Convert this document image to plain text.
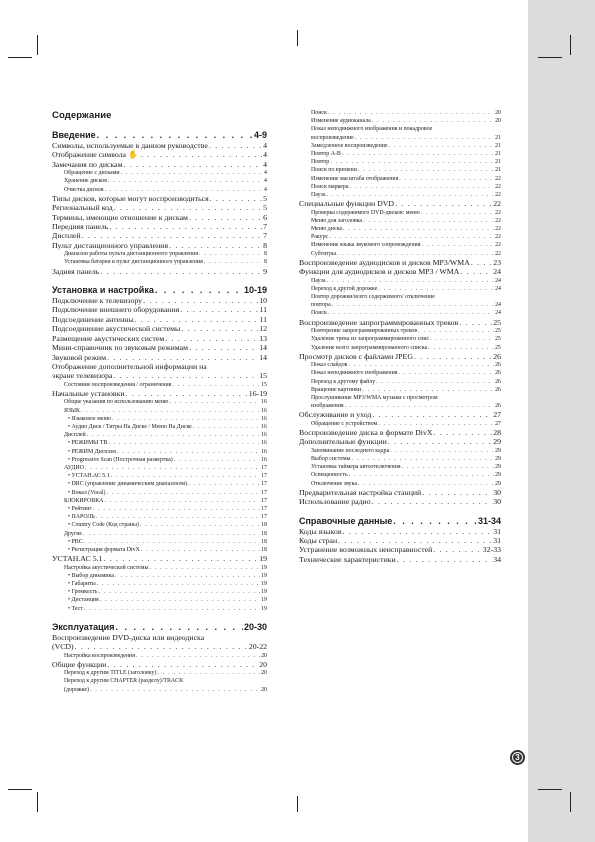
Содержание
Введение . . .	4-9
Символы, используемые в данном руководстве . . .	4
Отображение символа ✋ . . .	4
Замечания по дискам . . .	4
Обращение с дисками . . .	4
Хранение дисков . . .	4
Очистка дисков . . .	4
Типы дисков, которые могут воспроизводиться . . .	5
Региональный код . . .	5
Термины, имеющие отношение к дискам . . .	6
Передняя панель . . .	7
Дисплей . . .	7
Пульт дистанционного управления . . .	8
Диапазон работы пульта дистанционного управления . . .	8
Установка батареи в пульт дистанционного управления . . .	8
Задняя панель . . .	9
Установка и настройка . . .	10-19
Подключение к телевизору . . .	10
Подключение внешнего оборудования . . .	11
Подсоединение антенны . . .	11
Подсоединение акустической системы . . .	12
Размещение акустических систем . . .	13
Мини-справочник по звуковым режимам . . .	14
Звуковой режим . . .	14
Отображение дополнительной информации на
экране телевизора . . .	15
Состояние воспроизведения / ограничения . . .	15
Начальные установки . . .	16-19
Общие указания по использованию меню . . .	16
ЯЗЫК . . .	16
• Языковое меню . . .	16
• Аудио Диск / Титры На Диске / Меню На Диске . . .	16
Дисплей . . .	16
• РЕЖИМЫ ТВ . . .	16
• РЕЖИМ Дисплея . . .	16
• Progressive Scan (Построчная развертка) . . .	16
АУДИО . . .	17
• УСТАН.АС 5.1 . . .	17
• DRC (управление динамическим диапазоном) . . .	17
• Вокал (Vocal) . . .	17
БЛОКИРОВКА . . .	17
• Рейтинг . . .	17
• ПАРОЛЬ . . .	17
• Country Code (Код страны) . . .	18
Другие . . .	18
• PBC . . .	18
• Регистрация формата DivX . . .	18
УСТАН.АС 5.1 . . .	19
Настройка акустической системы . . .	19
• Выбор динамика . . .	19
• Габариты . . .	19
• Громкость . . .	19
• Дистанция . . .	19
• Тест . . .	19
Эксплуатация . . .	20-30
Воспроизведение DVD-диска или видеодиска
(VCD) . . .	20-22
Настройка воспроизведения . . .	20
Общие функции . . .	20
Переход к другим TITLE (заголовку) . . .	20
Переход к другим CHAPTER (разделу)/TRACK
(дорожке) . . .	20
Поиск . . .	20
Изменение аудиоканала . . .	20
Показ неподвижного изображения и покадровое
воспроизведение . . .	21
Замедленное воспроизведение . . .	21
Повтор A-B . . .	21
Повтор . . .	21
Поиск по времени . . .	21
Изменение масштаба отображения . . .	22
Поиск маркера . . .	22
Пауза . . .	22
Специальные функции DVD . . .	22
Проверка содержимого DVD-дисков: меню . . .	22
Меню для заголовка . . .	22
Меню диска . . .	22
Ракурс . . .	22
Изменение языка звукового сопровождения . . .	22
Субтитры . . .	22
Воспроизведение аудиодисков и дисков MP3/WMA . . .	23
Функции для аудиодисков и дисков MP3 / WMA . . .	24
Пауза . . .	24
Переход к другой дорожке . . .	24
Повтор дорожки/всего содержимого/ отключение
повтора . . .	24
Поиск . . .	24
Воспроизведение запрограммированных треков . . .	25
Повторение запрограммированных треков . . .	25
Удаление трека из запрограммированного спис . . .	25
Удаление всего запрограммированного списка . . .	25
Просмотр дисков с файлами JPEG . . .	26
Показ слайдов . . .	26
Показ неподвижного изображения . . .	26
Переход к другому файлу . . .	26
Вращение картинки . . .	26
Прослушивание MP3/WMA музыки с просмотром
изображения . . .	26
Обслуживание и уход . . .	27
Обращение с устройством . . .	27
Воспроизведение диска в формате DivX . . .	28
Дополнительные функции . . .	29
Запоминание последнего кадра . . .	29
Выбор системы . . .	29
Установка таймера автоотключения . . .	29
Освещенность . . .	29
Отключение звука . . .	29
Предварительная настройка станций . . .	30
Использование радио . . .	30
Справочные данные . . .	31-34
Коды языков . . .	31
Коды стран . . .	31
Устранение возможных неисправностей . . .	32-33
Технические характеристики . . .	34
3
